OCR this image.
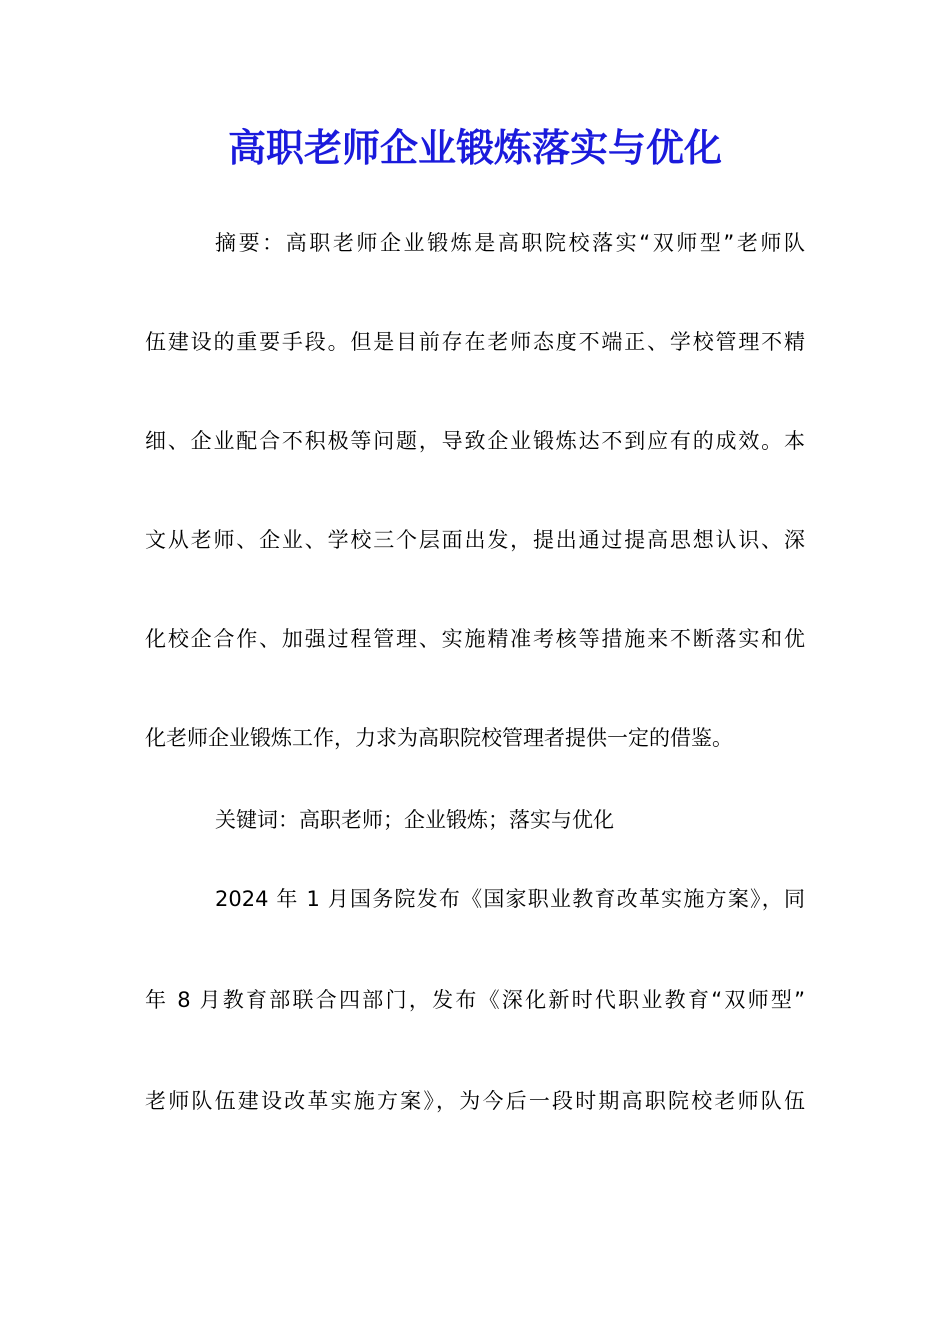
高职老师企业锻炼落实与优化

摘要：高职老师企业锻炼是高职院校落实“双师型”老师队

伍建设的重要手段。但是目前存在老师态度不端正、学校管理不精

细、企业配合不积极等问题，导致企业锻炼达不到应有的成效。本

文从老师、企业、学校三个层面出发，提出通过提高思想认识、深

化校企合作、加强过程管理、实施精准考核等措施来不断落实和优

化老师企业锻炼工作，力求为高职院校管理者提供一定的借鉴。

关键词：高职老师；企业锻炼；落实与优化

2024 年 1 月国务院发布《国家职业教育改革实施方案》，同

年 8 月教育部联合四部门，发布《深化新时代职业教育“双师型”

老师队伍建设改革实施方案》，为今后一段时期高职院校老师队伍
